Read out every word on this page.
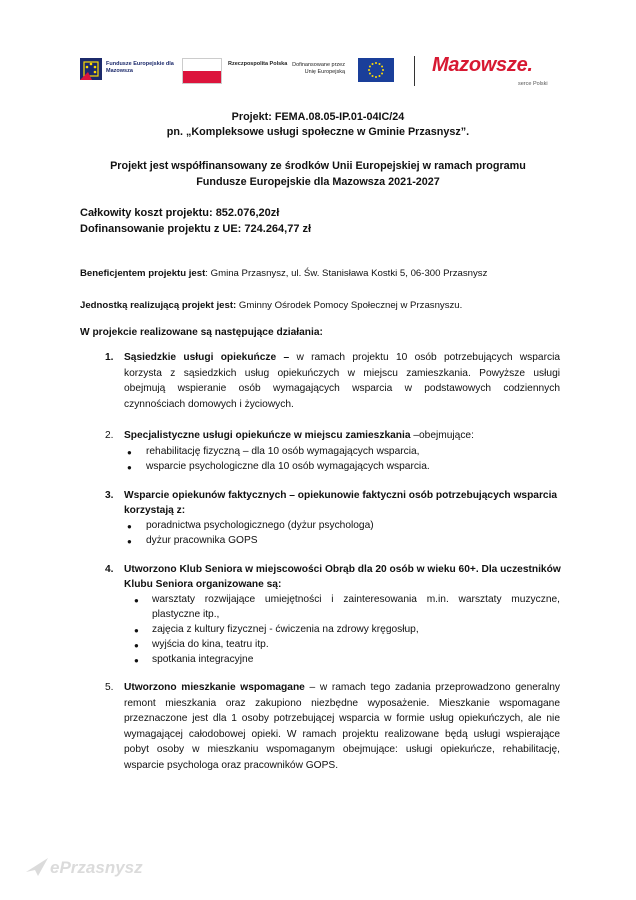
Fundusze Europejskie dla Mazowsza
Rzeczpospolita Polska Dofinansowane przez Unię Europejską	Mazowsze.
serce Polski
Projekt: FEMA.08.05-IP.01-04IC/24
pn. „Kompleksowe usługi społeczne w Gminie Przasnysz”.
Projekt jest współfinansowany ze środków Unii Europejskiej w ramach programu
Fundusze Europejskie dla Mazowsza 2021-2027
Całkowity koszt projektu: 852.076,20zł
Dofinansowanie projektu z UE: 724.264,77 zł
Beneficjentem projektu jest: Gmina Przasnysz, ul. Św. Stanisława Kostki 5, 06-300 Przasnysz
Jednostką realizującą projekt jest: Gminny Ośrodek Pomocy Społecznej w Przasnyszu.
W projekcie realizowane są następujące działania:
1. Sąsiedzkie usługi opiekuńcze – w ramach projektu 10 osób potrzebujących wsparcia
korzysta z sąsiedzkich usług opiekuńczych w miejscu zamieszkania. Powyższe usługi
obejmują wspieranie osób wymagających wsparcia w podstawowych codziennych
czynnościach domowych i życiowych.
2. Specjalistyczne usługi opiekuńcze w miejscu zamieszkania –obejmujące:
● rehabilitację fizyczną – dla 10 osób wymagających wsparcia,
● wsparcie psychologiczne dla 10 osób wymagających wsparcia.
3. Wsparcie opiekunów faktycznych – opiekunowie faktyczni osób potrzebujących wsparcia
korzystają z:
● poradnictwa psychologicznego (dyżur psychologa)
● dyżur pracownika GOPS
4. Utworzono Klub Seniora w miejscowości Obrąb dla 20 osób w wieku 60+. Dla uczestników
Klubu Seniora organizowane są:
● warsztaty rozwijające umiejętności i zainteresowania m.in. warsztaty muzyczne,
plastyczne itp.,
● zajęcia z kultury fizycznej - ćwiczenia na zdrowy kręgosłup,
● wyjścia do kina, teatru itp.
● spotkania integracyjne
5. Utworzono mieszkanie wspomagane – w ramach tego zadania przeprowadzono generalny
remont mieszkania oraz zakupiono niezbędne wyposażenie. Mieszkanie wspomagane
przeznaczone jest dla 1 osoby potrzebującej wsparcia w formie usług opiekuńczych, ale nie
wymagającej całodobowej opieki. W ramach projektu realizowane będą usługi wspierające
pobyt osoby w mieszkaniu wspomaganym obejmujące: usługi opiekuńcze, rehabilitację,
wsparcie psychologa oraz pracowników GOPS.
ePrzasnysz
